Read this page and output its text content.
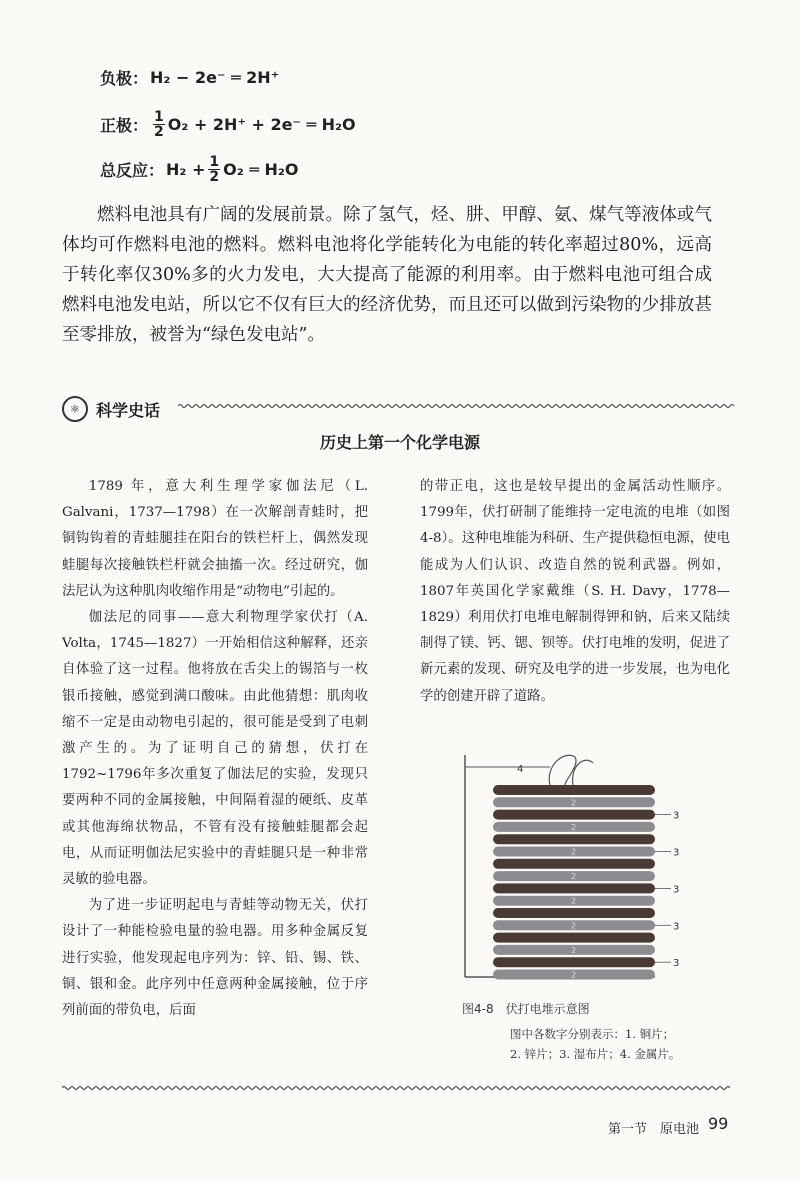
负极： H₂ − 2e⁻ ═ 2H⁺
正极： $\frac{1}{2} O_2 + 2H^+ + 2e^-$ ═ H₂O
总反应： $H_2 + \frac{1}{2} O_2$ ═ H₂O
燃料电池具有广阔的发展前景。除了氢气，烃、肼、甲醇、氨、煤气等液体或气体均可作燃料电池的燃料。燃料电池将化学能转化为电能的转化率超过80%，远高于转化率仅30%多的火力发电，大大提高了能源的利用率。由于燃料电池可组合成燃料电池发电站，所以它不仅有巨大的经济优势，而且还可以做到污染物的少排放甚至零排放，被誉为“绿色发电站”。
⚛ 科学史话
历史上第一个化学电源

1789 年，意大利生理学家伽法尼（L. Galvani，1737—1798）在一次解剖青蛙时，把铜钩钩着的青蛙腿挂在阳台的铁栏杆上，偶然发现蛙腿每次接触铁栏杆就会抽搐一次。经过研究，伽法尼认为这种肌肉收缩作用是“动物电”引起的。

伽法尼的同事——意大利物理学家伏打（A. Volta，1745—1827）一开始相信这种解释，还亲自体验了这一过程。他将放在舌尖上的锡箔与一枚银币接触，感觉到满口酸味。由此他猜想：肌肉收缩不一定是由动物电引起的，很可能是受到了电刺激产生的。为了证明自己的猜想，伏打在1792~1796年多次重复了伽法尼的实验，发现只要两种不同的金属接触，中间隔着湿的硬纸、皮革或其他海绵状物品，不管有没有接触蛙腿都会起电，从而证明伽法尼实验中的青蛙腿只是一种非常灵敏的验电器。

为了进一步证明起电与青蛙等动物无关，伏打设计了一种能检验电量的验电器。用多种金属反复进行实验，他发现起电序列为：锌、铅、锡、铁、铜、银和金。此序列中任意两种金属接触，位于序列前面的带负电，后面

的带正电，这也是较早提出的金属活动性顺序。1799年，伏打研制了能维持一定电流的电堆（如图4-8）。这种电堆能为科研、生产提供稳恒电源，使电能成为人们认识、改造自然的锐利武器。例如，1807年英国化学家戴维（S. H. Davy，1778—1829）利用伏打电堆电解制得钾和钠，后来又陆续制得了镁、钙、锶、钡等。伏打电堆的发明，促进了新元素的发现、研究及电学的进一步发展，也为电化学的创建开辟了道路。

4
2
2
2
2
2
2
2
2
3
3
3
3
3
图4-8　伏打电堆示意图
图中各数字分别表示：1. 铜片；
2. 锌片；3. 湿布片；4. 金属片。
第一节　原电池 99
